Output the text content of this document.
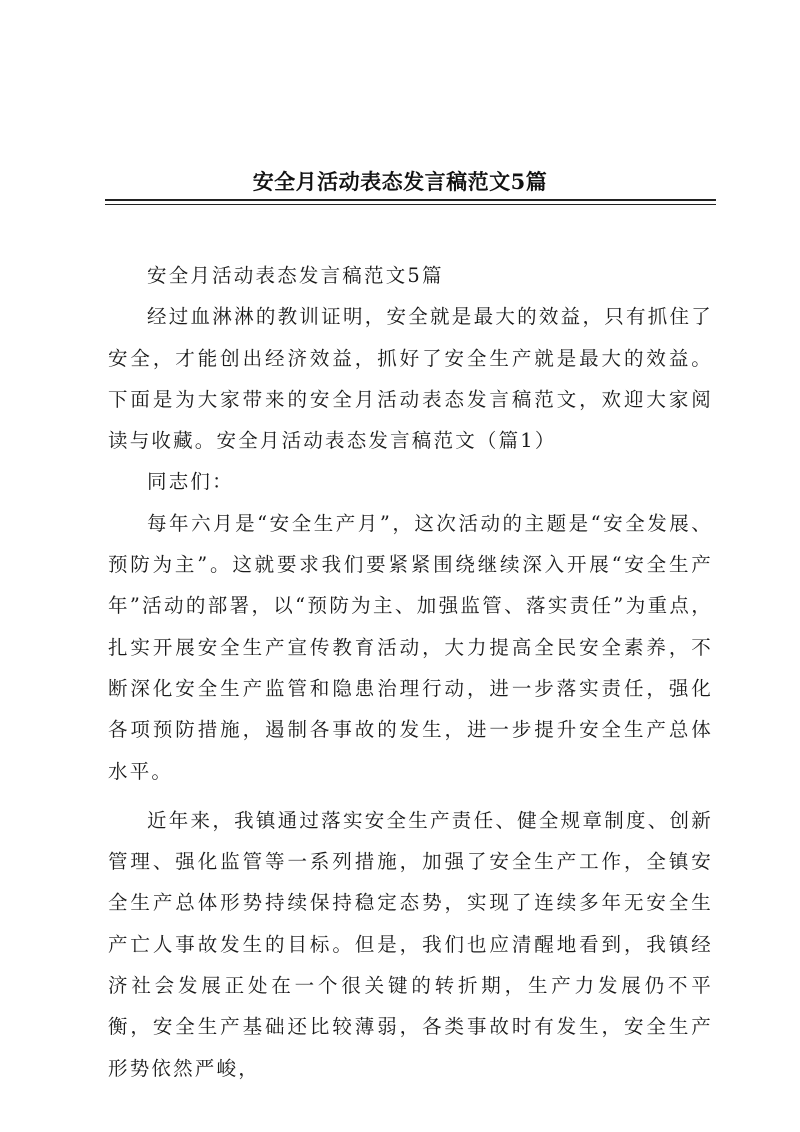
安全月活动表态发言稿范文5篇

安全月活动表态发言稿范文5篇

经过血淋淋的教训证明，安全就是最大的效益，只有抓住了安全，才能创出经济效益，抓好了安全生产就是最大的效益。下面是为大家带来的安全月活动表态发言稿范文，欢迎大家阅读与收藏。安全月活动表态发言稿范文（篇1）

同志们：

每年六月是“安全生产月”，这次活动的主题是“安全发展、预防为主”。这就要求我们要紧紧围绕继续深入开展“安全生产年”活动的部署，以“预防为主、加强监管、落实责任”为重点，扎实开展安全生产宣传教育活动，大力提高全民安全素养，不断深化安全生产监管和隐患治理行动，进一步落实责任，强化各项预防措施，遏制各事故的发生，进一步提升安全生产总体水平。

近年来，我镇通过落实安全生产责任、健全规章制度、创新管理、强化监管等一系列措施，加强了安全生产工作，全镇安全生产总体形势持续保持稳定态势，实现了连续多年无安全生产亡人事故发生的目标。但是，我们也应清醒地看到，我镇经济社会发展正处在一个很关键的转折期，生产力发展仍不平衡，安全生产基础还比较薄弱，各类事故时有发生，安全生产形势依然严峻，
